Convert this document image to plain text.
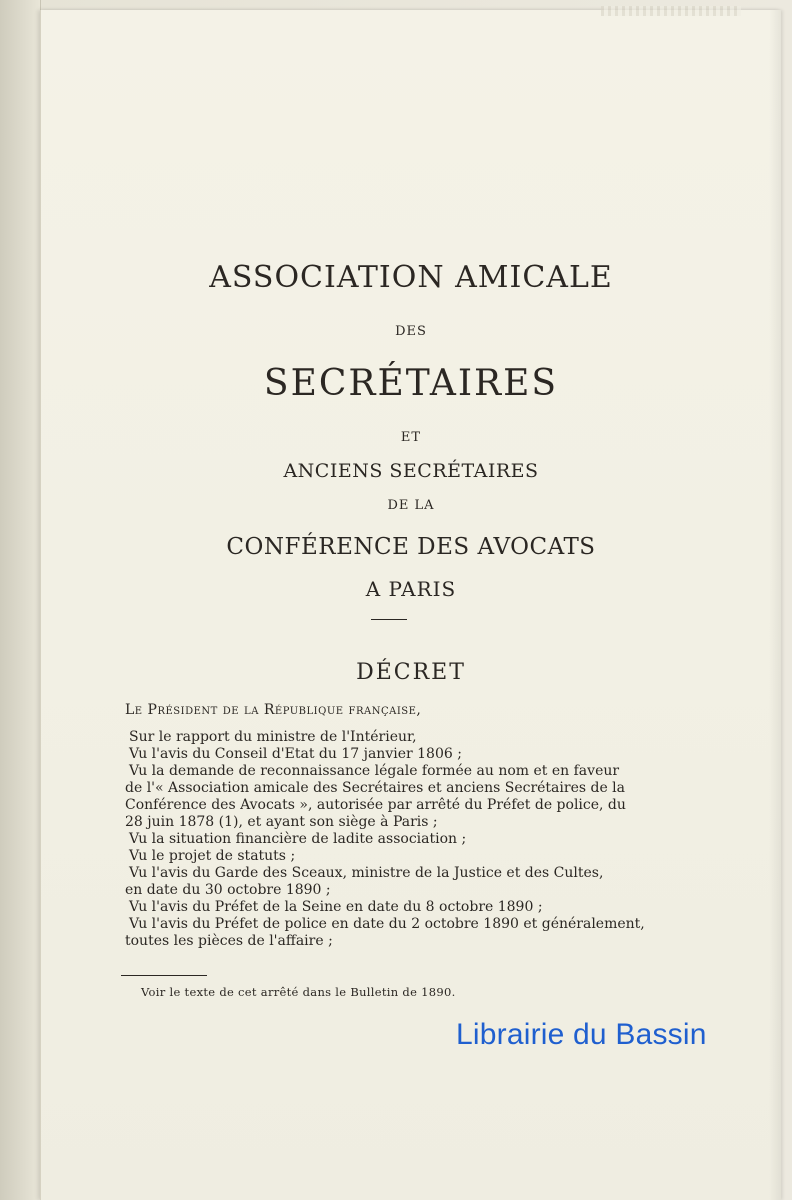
ASSOCIATION AMICALE
DES
SECRÉTAIRES
ET
ANCIENS SECRÉTAIRES
DE LA
CONFÉRENCE DES AVOCATS
A PARIS
DÉCRET
Le Président de la République française,
Sur le rapport du ministre de l'Intérieur,
Vu l'avis du Conseil d'Etat du 17 janvier 1806 ;
Vu la demande de reconnaissance légale formée au nom et en faveur
de l'« Association amicale des Secrétaires et anciens Secrétaires de la
Conférence des Avocats », autorisée par arrêté du Préfet de police, du
28 juin 1878 (1), et ayant son siège à Paris ;
Vu la situation financière de ladite association ;
Vu le projet de statuts ;
Vu l'avis du Garde des Sceaux, ministre de la Justice et des Cultes,
en date du 30 octobre 1890 ;
Vu l'avis du Préfet de la Seine en date du 8 octobre 1890 ;
Vu l'avis du Préfet de police en date du 2 octobre 1890 et généralement,
toutes les pièces de l'affaire ;
Voir le texte de cet arrêté dans le Bulletin de 1890.
Librairie du Bassin
